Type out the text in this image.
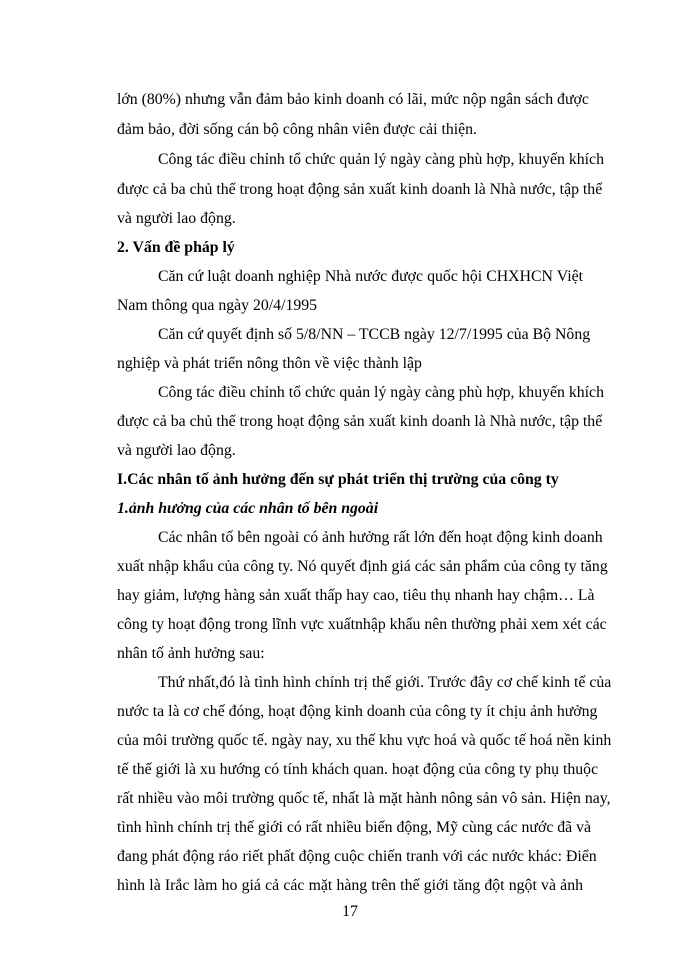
lớn (80%) nhưng vẫn đảm bảo kinh doanh có lãi, mức nộp ngân sách được
đảm bảo, đời sống cán bộ công nhân viên được cải thiện.
Công tác điều chỉnh tổ chức quản lý ngày càng phù hợp, khuyến khích
được cả ba chủ thể trong hoạt động sản xuất kinh doanh là Nhà nước, tập thể
và người lao động.
2. Vấn đề pháp lý
Căn cứ luật doanh nghiệp Nhà nước được quốc hội CHXHCN Việt
Nam thông qua ngày 20/4/1995
Căn cứ quyết định số 5/8/NN – TCCB ngày 12/7/1995 của Bộ Nông
nghiệp và phát triển nông thôn về việc thành lập
Công tác điều chỉnh tổ chức quản lý ngày càng phù hợp, khuyến khích
được cả ba chủ thể trong hoạt động sản xuất kinh doanh là Nhà nước, tập thể
và người lao động.
I.Các nhân tố ảnh hưởng đến sự phát triển thị trường của công ty
1.ảnh hưởng của các nhân tố bên ngoài
Các nhân tố bên ngoài có ảnh hưởng rất lớn đến hoạt động kinh doanh
xuất nhập khẩu của công ty. Nó quyết định giá các sản phẩm của công ty tăng
hay giảm, lượng hàng sản xuất thấp hay cao, tiêu thụ nhanh hay chậm… Là
công ty hoạt động trong lĩnh vực xuấtnhập khẩu nên thường phải xem xét các
nhân tố ảnh hưởng sau:
Thứ nhất,đó là tình hình chính trị thế giới. Trước đây cơ chế kinh tế của
nước ta là cơ chế đóng, hoạt động kinh doanh của công ty ít chịu ảnh hưởng
của môi trường quốc tế. ngày nay, xu thế khu vực hoá và quốc tế hoá nền kinh
tế thế giới là xu hướng có tính khách quan. hoạt động của công ty phụ thuộc
rất nhiều vào môi trường quốc tế, nhất là mặt hành nông sản vô sản. Hiện nay,
tình hình chính trị thế giới có rất nhiều biến động, Mỹ cùng các nước đã và
đang phát động ráo riết phất động cuộc chiến tranh với các nước khác: Điển
hình là Irắc làm ho giá cả các mặt hàng trên thế giới tăng đột ngột và ảnh
17
